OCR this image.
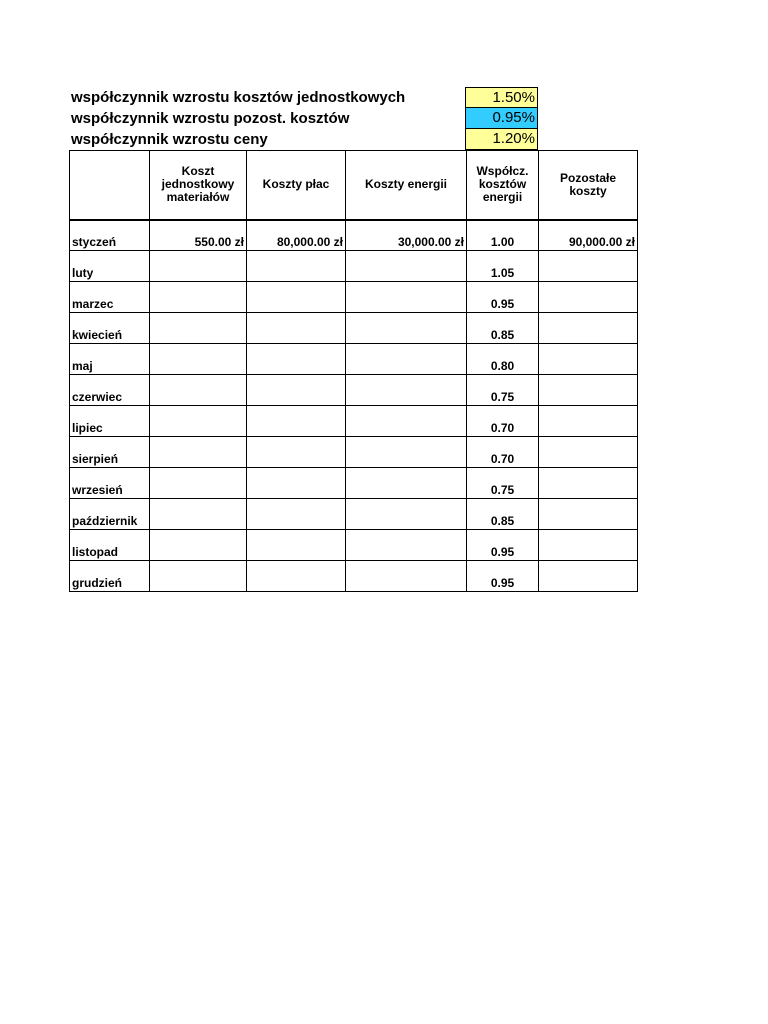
współczynnik wzrostu kosztów jednostkowych	1.50%
współczynnik wzrostu pozost. kosztów	0.95%
współczynnik wzrostu ceny	1.20%
	Koszt jednostkowy materiałów	Koszty płac	Koszty energii	Współcz. kosztów energii	Pozostałe koszty
styczeń	550.00 zł	80,000.00 zł	30,000.00 zł	1.00	90,000.00 zł
luty				1.05	
marzec				0.95	
kwiecień				0.85	
maj				0.80	
czerwiec				0.75	
lipiec				0.70	
sierpień				0.70	
wrzesień				0.75	
październik				0.85	
listopad				0.95	
grudzień				0.95	
